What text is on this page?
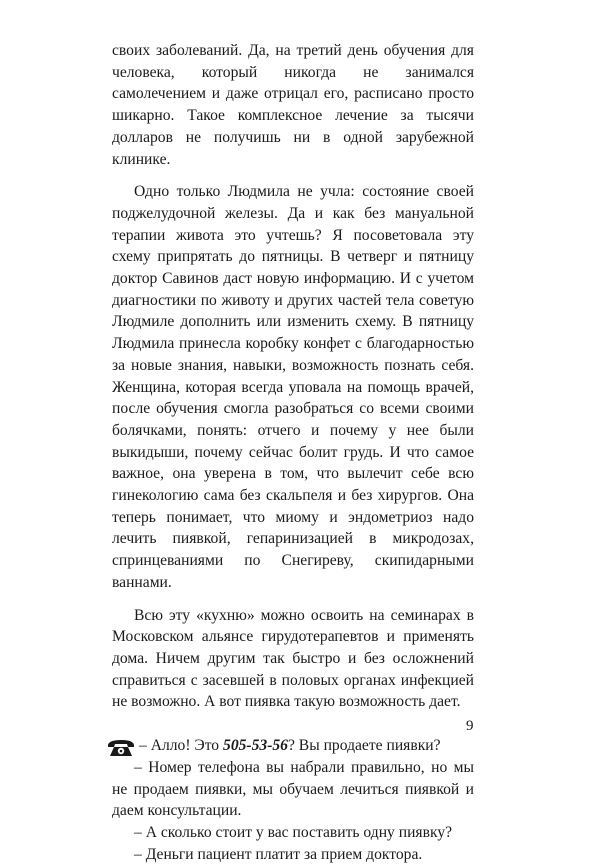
своих заболеваний. Да, на третий день обучения для человека, который никогда не занимался самолечением и даже отрицал его, расписано просто шикарно. Такое комплексное лечение за тысячи долларов не получишь ни в одной зарубежной клинике.

Одно только Людмила не учла: состояние своей поджелудочной железы. Да и как без мануальной терапии живота это учтешь? Я посоветовала эту схему припрятать до пятницы. В четверг и пятницу доктор Савинов даст новую информацию. И с учетом диагностики по животу и других частей тела советую Людмиле дополнить или изменить схему. В пятницу Людмила принесла коробку конфет с благодарностью за новые знания, навыки, возможность познать себя. Женщина, которая всегда уповала на помощь врачей, после обучения смогла разобраться со всеми своими болячками, понять: отчего и почему у нее были выкидыши, почему сейчас болит грудь. И что самое важное, она уверена в том, что вылечит себе всю гинекологию сама без скальпеля и без хирургов. Она теперь понимает, что миому и эндометриоз надо лечить пиявкой, гепаринизацией в микродозах, спринцеваниями по Снегиреву, скипидарными ваннами.

Всю эту «кухню» можно освоить на семинарах в Московском альянсе гирудотерапевтов и применять дома. Ничем другим так быстро и без осложнений справиться с засевшей в половых органах инфекцией не возможно. А вот пиявка такую возможность дает.

– Алло! Это 505-53-56? Вы продаете пиявки?

– Номер телефона вы набрали правильно, но мы не продаем пиявки, мы обучаем лечиться пиявкой и даем консультации.

– А сколько стоит у вас поставить одну пиявку?

– Деньги пациент платит за прием доктора.

9
